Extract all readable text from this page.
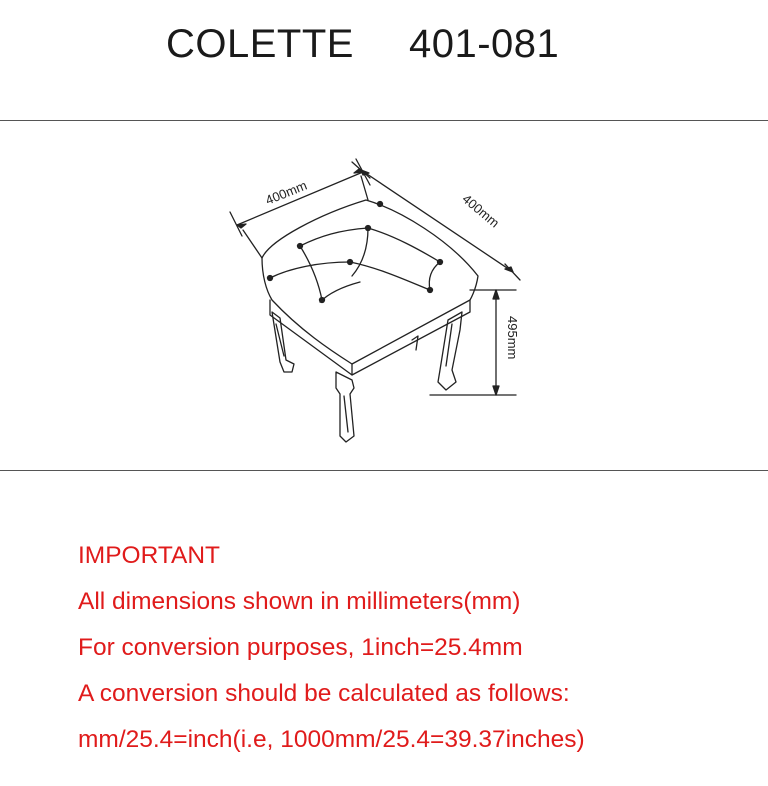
COLETTE 401-081
400mm	400mm
495mm
IMPORTANT
All dimensions shown in millimeters(mm)
For conversion purposes, 1inch=25.4mm
A conversion should be calculated as follows:
mm/25.4=inch(i.e, 1000mm/25.4=39.37inches)
